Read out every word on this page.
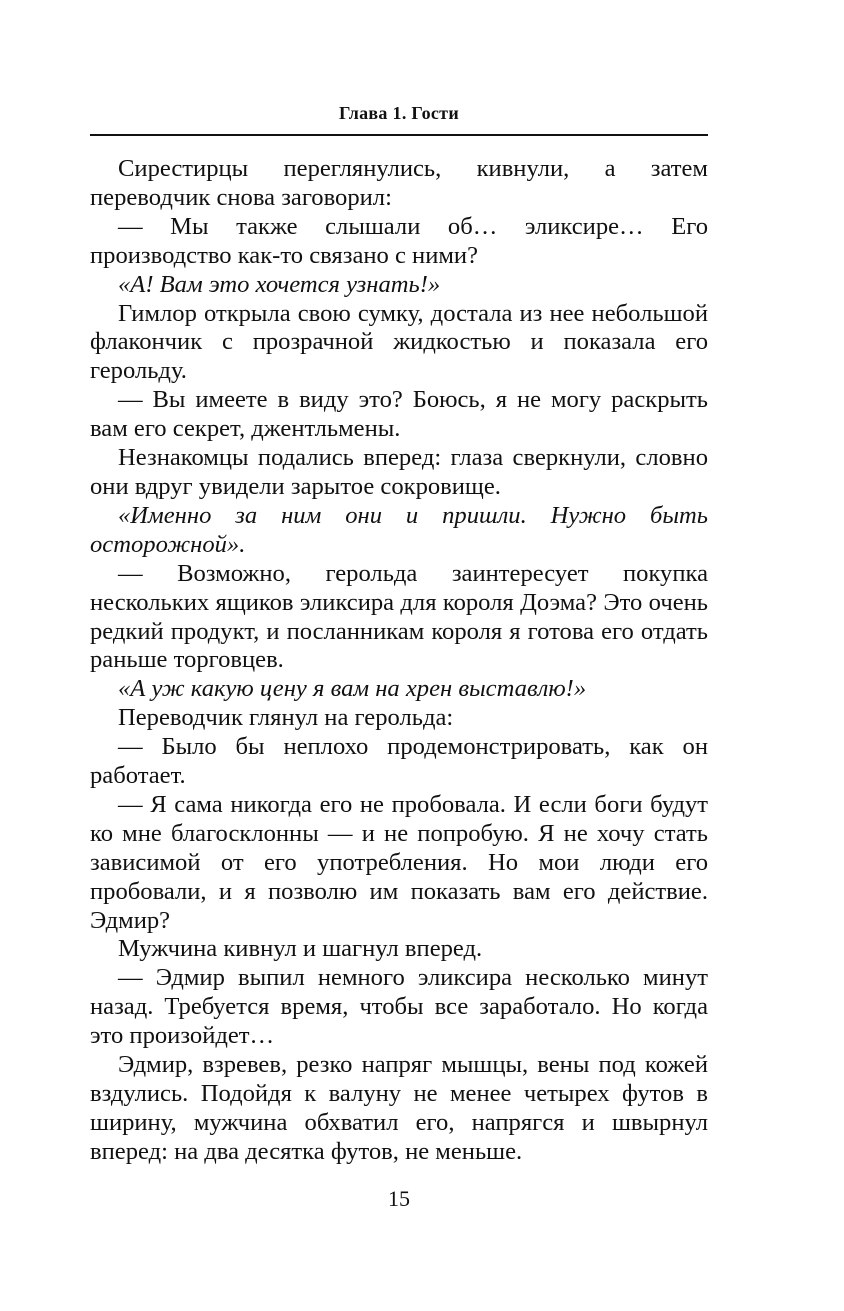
Глава 1. Гости

Сирестирцы переглянулись, кивнули, а затем переводчик снова заговорил:

— Мы также слышали об… эликсире… Его производство как-то связано с ними?

«А! Вам это хочется узнать!»

Гимлор открыла свою сумку, достала из нее небольшой флакончик с прозрачной жидкостью и показала его герольду.

— Вы имеете в виду это? Боюсь, я не могу раскрыть вам его секрет, джентльмены.

Незнакомцы подались вперед: глаза сверкнули, словно они вдруг увидели зарытое сокровище.

«Именно за ним они и пришли. Нужно быть осторожной».

— Возможно, герольда заинтересует покупка нескольких ящиков эликсира для короля Доэма? Это очень редкий продукт, и посланникам короля я готова его отдать раньше торговцев.

«А уж какую цену я вам на хрен выставлю!»

Переводчик глянул на герольда:

— Было бы неплохо продемонстрировать, как он работает.

— Я сама никогда его не пробовала. И если боги будут ко мне благосклонны — и не попробую. Я не хочу стать зависимой от его употребления. Но мои люди его пробовали, и я позволю им показать вам его действие. Эдмир?

Мужчина кивнул и шагнул вперед.

— Эдмир выпил немного эликсира несколько минут назад. Требуется время, чтобы все заработало. Но когда это произойдет…

Эдмир, взревев, резко напряг мышцы, вены под кожей вздулись. Подойдя к валуну не менее четырех футов в ширину, мужчина обхватил его, напрягся и швырнул вперед: на два десятка футов, не меньше.

15
